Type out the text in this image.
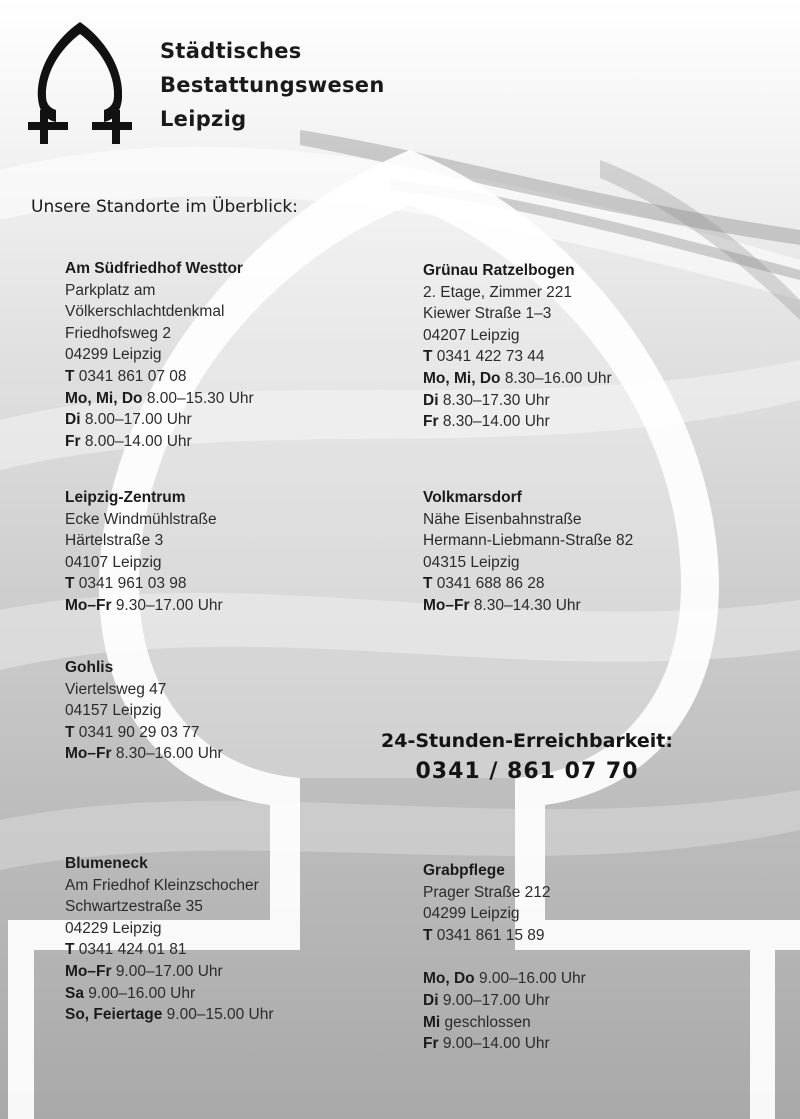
Städtisches
Bestattungswesen
Leipzig
Unsere Standorte im Überblick:
Am Südfriedhof Westtor
Parkplatz am
Völkerschlachtdenkmal
Friedhofsweg 2
04299 Leipzig
T 0341 861 07 08
Mo, Mi, Do 8.00–15.30 Uhr
Di 8.00–17.00 Uhr
Fr 8.00–14.00 Uhr
Grünau Ratzelbogen
2. Etage, Zimmer 221
Kiewer Straße 1–3
04207 Leipzig
T 0341 422 73 44
Mo, Mi, Do 8.30–16.00 Uhr
Di 8.30–17.30 Uhr
Fr 8.30–14.00 Uhr
Leipzig-Zentrum
Ecke Windmühlstraße
Härtelstraße 3
04107 Leipzig
T 0341 961 03 98
Mo–Fr 9.30–17.00 Uhr
Volkmarsdorf
Nähe Eisenbahnstraße
Hermann-Liebmann-Straße 82
04315 Leipzig
T 0341 688 86 28
Mo–Fr 8.30–14.30 Uhr
Gohlis
Viertelsweg 47
04157 Leipzig
T 0341 90 29 03 77
Mo–Fr 8.30–16.00 Uhr
24-Stunden-Erreichbarkeit:
0341 / 861 07 70
Blumeneck
Am Friedhof Kleinzschocher
Schwartzestraße 35
04229 Leipzig
T 0341 424 01 81
Mo–Fr 9.00–17.00 Uhr
Sa 9.00–16.00 Uhr
So, Feiertage 9.00–15.00 Uhr
Grabpflege
Prager Straße 212
04299 Leipzig
T 0341 861 15 89
Mo, Do 9.00–16.00 Uhr
Di 9.00–17.00 Uhr
Mi geschlossen
Fr 9.00–14.00 Uhr
